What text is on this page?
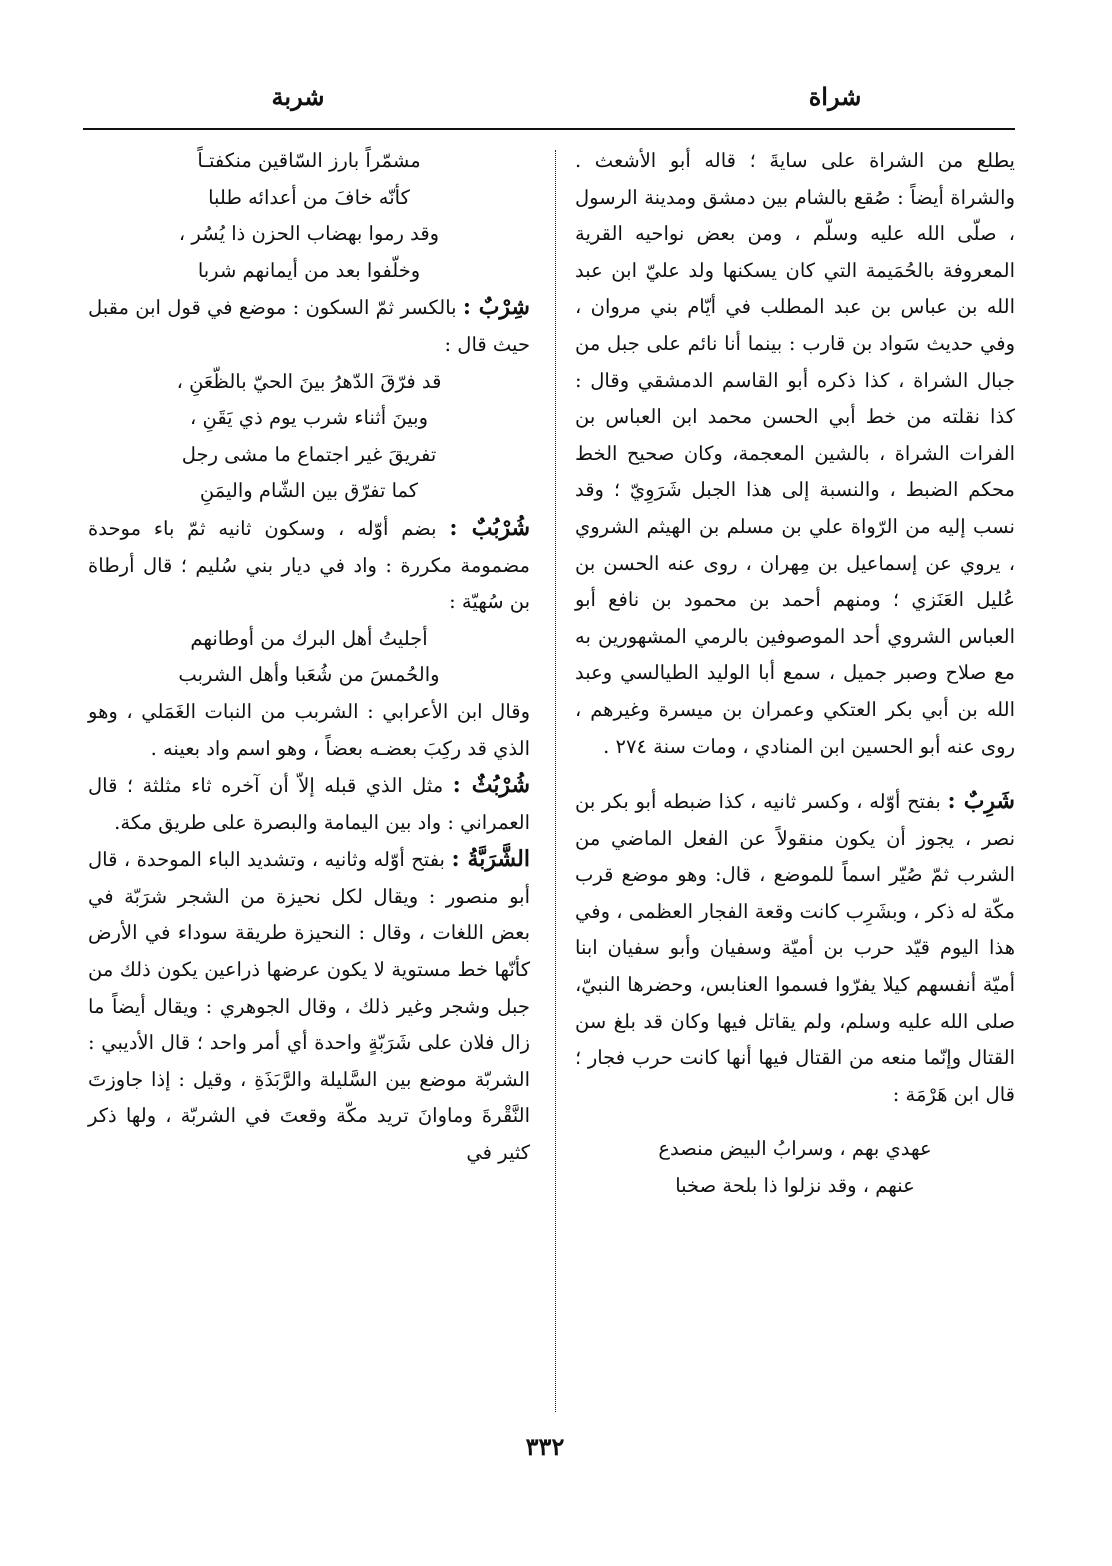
شراة
شربة

يطلع من الشراة على سايةَ ؛ قاله أبو الأشعث . والشراة أيضاً : صُقع بالشام بين دمشق ومدينة الرسول ، صلّى الله عليه وسلّم ، ومن بعض نواحيه القرية المعروفة بالحُمَيمة التي كان يسكنها ولد عليّ ابن عبد الله بن عباس بن عبد المطلب في أيّام بني مروان ، وفي حديث سَواد بن قارب : بينما أنا نائم على جبل من جبال الشراة ، كذا ذكره أبو القاسم الدمشقي وقال : كذا نقلته من خط أبي الحسن محمد ابن العباس بن الفرات الشراة ، بالشين المعجمة، وكان صحيح الخط محكم الضبط ، والنسبة إلى هذا الجبل شَرَوِيّ ؛ وقد نسب إليه من الرّواة علي بن مسلم بن الهيثم الشروي ، يروي عن إسماعيل بن مِهران ، روى عنه الحسن بن عُليل العَنَزي ؛ ومنهم أحمد بن محمود بن نافع أبو العباس الشروي أحد الموصوفين بالرمي المشهورين به مع صلاح وصبر جميل ، سمع أبا الوليد الطيالسي وعبد الله بن أبي بكر العتكي وعمران بن ميسرة وغيرهم ، روى عنه أبو الحسين ابن المنادي ، ومات سنة ٢٧٤ .

شَرِبٌ : بفتح أوّله ، وكسر ثانيه ، كذا ضبطه أبو بكر بن نصر ، يجوز أن يكون منقولاً عن الفعل الماضي من الشرب ثمّ صُيّر اسماً للموضع ، قال: وهو موضع قرب مكّة له ذكر ، وبشَرِب كانت وقعة الفجار العظمى ، وفي هذا اليوم قيّد حرب بن أميّة وسفيان وأبو سفيان ابنا أميّة أنفسهم كيلا يفرّوا فسموا العنابس، وحضرها النبيّ، صلى الله عليه وسلم، ولم يقاتل فيها وكان قد بلغ سن القتال وإنّما منعه من القتال فيها أنها كانت حرب فجار ؛ قال ابن هَرْمَة :

عهدي بهم ، وسرابُ البيض منصدع

عنهم ، وقد نزلوا ذا بلحة صخبا

مشمّراً بارز السّاقين منكفتـاً

كأنّه خافَ من أعدائه طلبا

وقد رموا بهضاب الحزن ذا يُسُر ،

وخلّفوا بعد من أيمانهم شربا

شِرْبٌ : بالكسر ثمّ السكون : موضع في قول ابن مقبل حيث قال :

قد فرّقَ الدّهرُ بينَ الحيّ بالظّعَنِ ،

وبينَ أثناء شرب يوم ذي يَقَنِ ،

تفريقَ غير اجتماع ما مشى رجل

كما تفرّق بين الشّام واليمَنِ

شُرْبُبٌ : بضم أوّله ، وسكون ثانيه ثمّ باء موحدة مضمومة مكررة : واد في ديار بني سُليم ؛ قال أرطاة بن سُهيّة :

أجليتُ أهل البرك من أوطانهم

والحُمسَ من شُعَبا وأهل الشربب

وقال ابن الأعرابي : الشربب من النبات الغَمَلي ، وهو الذي قد ركِبَ بعضـه بعضاً ، وهو اسم واد بعينه .

شُرْبُثٌ : مثل الذي قبله إلاّ أن آخره ثاء مثلثة ؛ قال العمراني : واد بين اليمامة والبصرة على طريق مكة.

الشَّرَبَّةُ : بفتح أوّله وثانيه ، وتشديد الباء الموحدة ، قال أبو منصور : ويقال لكل نحيزة من الشجر شرَبّة في بعض اللغات ، وقال : النحيزة طريقة سوداء في الأرض كأنّها خط مستوية لا يكون عرضها ذراعين يكون ذلك من جبل وشجر وغير ذلك ، وقال الجوهري : ويقال أيضاً ما زال فلان على شَرَبّةٍ واحدة أي أمر واحد ؛ قال الأديبي : الشربّة موضع بين السَّليلة والرَّبَذَةِ ، وقيل : إذا جاوزتَ النَّقْرةَ وماوانَ تريد مكّة وقعتَ في الشربّة ، ولها ذكر كثير في

٣٣٢
